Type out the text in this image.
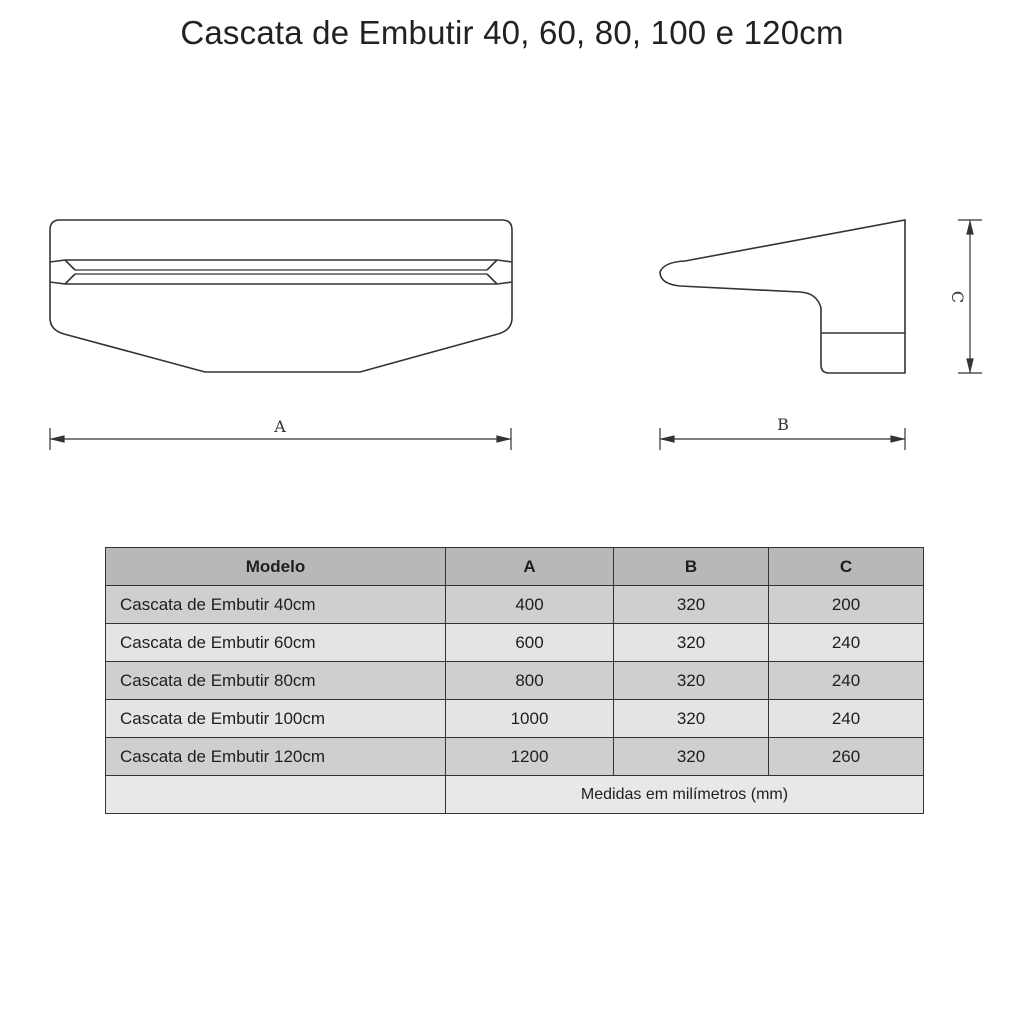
Cascata de Embutir 40, 60, 80, 100 e 120cm
A	B
C
Modelo	A	B	C
Cascata de Embutir 40cm	400	320	200
Cascata de Embutir 60cm	600	320	240
Cascata de Embutir 80cm	800	320	240
Cascata de Embutir 100cm	1000	320	240
Cascata de Embutir 120cm	1200	320	260
	Medidas em milímetros (mm)		
